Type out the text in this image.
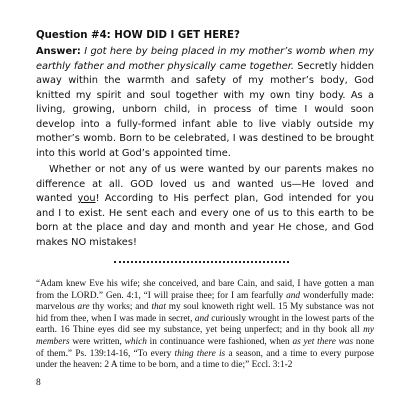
Question #4: HOW DID I GET HERE?

Answer: I got here by being placed in my mother’s womb when my earthly father and mother physically came together. Secretly hidden away within the warmth and safety of my mother’s body, God knitted my spirit and soul together with my own tiny body. As a living, growing, unborn child, in process of time I would soon develop into a fully-formed infant able to live viably outside my mother’s womb. Born to be celebrated, I was destined to be brought into this world at God’s appointed time.

Whether or not any of us were wanted by our parents makes no difference at all. GOD loved us and wanted us—He loved and wanted you! According to His perfect plan, God intended for you and I to exist. He sent each and every one of us to this earth to be born at the place and day and month and year He chose, and God makes NO mistakes!

“Adam knew Eve his wife; she conceived, and bare Cain, and said, I have gotten a man from the LORD.” Gen. 4:1, “I will praise thee; for I am fearfully and wonderfully made: marvelous are thy works; and that my soul knoweth right well. 15 My substance was not hid from thee, when I was made in secret, and curiously wrought in the lowest parts of the earth. 16 Thine eyes did see my substance, yet being unperfect; and in thy book all my members were written, which in continuance were fashioned, when as yet there was none of them.” Ps. 139:14-16, “To every thing there is a season, and a time to every purpose under the heaven: 2 A time to be born, and a time to die;” Eccl. 3:1-2

8
